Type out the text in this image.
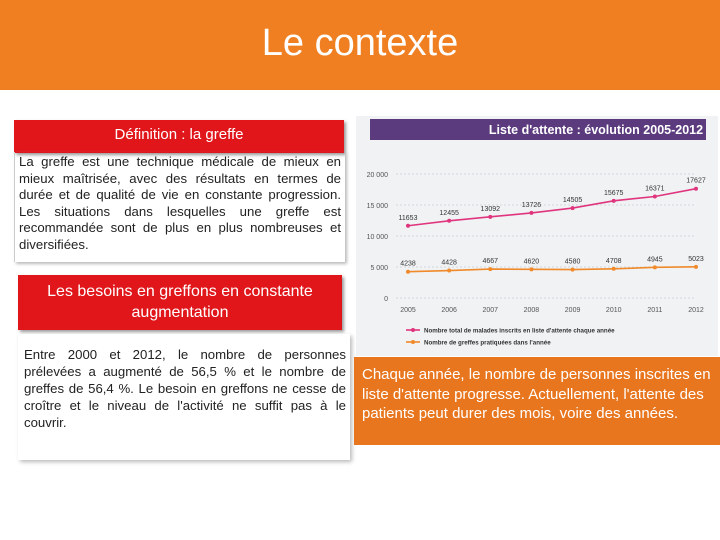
Le contexte
Définition : la greffe
La greffe est une technique médicale de mieux en mieux maîtrisée, avec des résultats en termes de durée et de qualité de vie en constante progression. Les situations dans lesquelles une greffe est recommandée sont de plus en plus nombreuses et diversifiées.
Les besoins en greffons en constante augmentation
Entre 2000 et 2012, le nombre de personnes prélevées a augmenté de 56,5 % et le nombre de greffes de 56,4 %. Le besoin en greffons ne cesse de croître et le niveau de l'activité ne suffit pas à le couvrir.
Liste d'attente : évolution 2005-2012
0
5 000
10 000
15 000
20 000
2005	2006	2007	2008	2009	2010	2011	2012
11653
12455
13092
13726
14505
15675
16371
17627
4238	4428	4667	4620	4580	4708	4945	5023
Nombre total de malades inscrits en liste d'attente chaque année
Nombre de greffes pratiquées dans l'année
Chaque année, le nombre de personnes inscrites en liste d'attente progresse. Actuellement, l'attente des patients peut durer des mois, voire des années.
